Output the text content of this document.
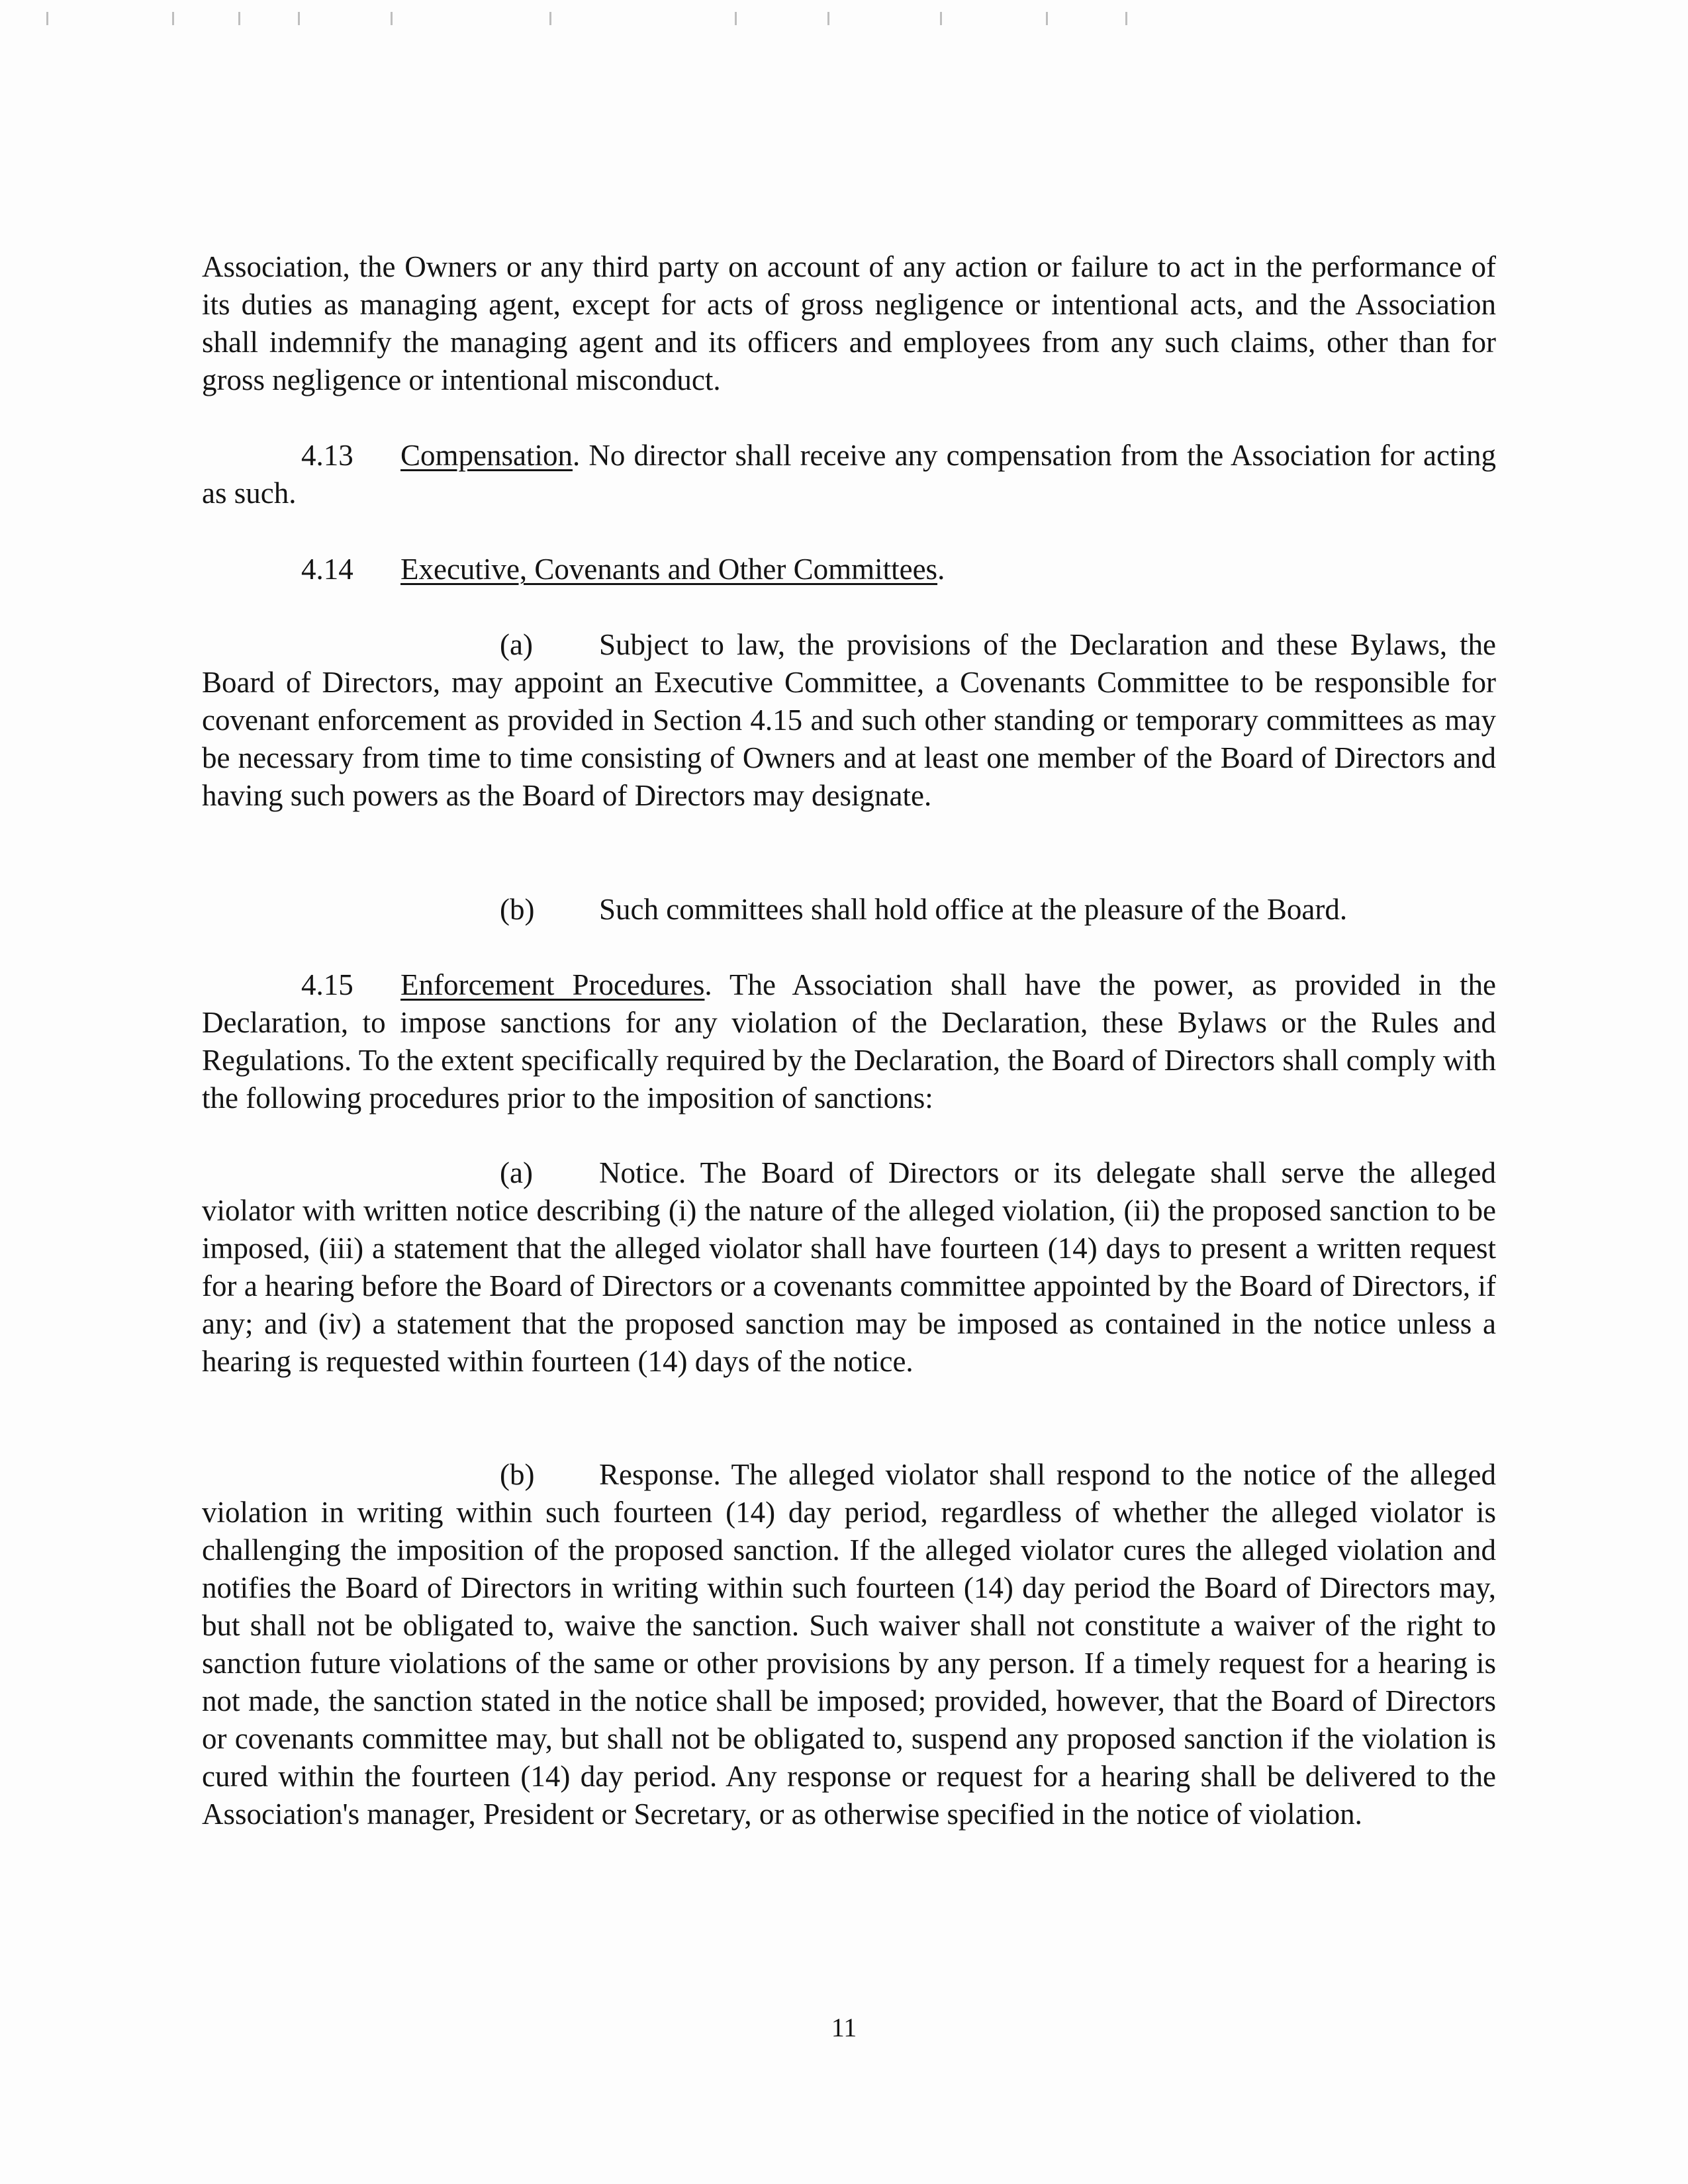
Association, the Owners or any third party on account of any action or failure to act in the performance of its duties as managing agent, except for acts of gross negligence or intentional acts, and the Association shall indemnify the managing agent and its officers and employees from any such claims, other than for gross negligence or intentional misconduct.

4.13 Compensation. No director shall receive any compensation from the Association for acting as such.

4.14 Executive, Covenants and Other Committees.

(a) Subject to law, the provisions of the Declaration and these Bylaws, the Board of Directors, may appoint an Executive Committee, a Covenants Committee to be responsible for covenant enforcement as provided in Section 4.15 and such other standing or temporary committees as may be necessary from time to time consisting of Owners and at least one member of the Board of Directors and having such powers as the Board of Directors may designate.

(b) Such committees shall hold office at the pleasure of the Board.

4.15 Enforcement Procedures. The Association shall have the power, as provided in the Declaration, to impose sanctions for any violation of the Declaration, these Bylaws or the Rules and Regulations. To the extent specifically required by the Declaration, the Board of Directors shall comply with the following procedures prior to the imposition of sanctions:

(a) Notice. The Board of Directors or its delegate shall serve the alleged violator with written notice describing (i) the nature of the alleged violation, (ii) the proposed sanction to be imposed, (iii) a statement that the alleged violator shall have fourteen (14) days to present a written request for a hearing before the Board of Directors or a covenants committee appointed by the Board of Directors, if any; and (iv) a statement that the proposed sanction may be imposed as contained in the notice unless a hearing is requested within fourteen (14) days of the notice.

(b) Response. The alleged violator shall respond to the notice of the alleged violation in writing within such fourteen (14) day period, regardless of whether the alleged violator is challenging the imposition of the proposed sanction. If the alleged violator cures the alleged violation and notifies the Board of Directors in writing within such fourteen (14) day period the Board of Directors may, but shall not be obligated to, waive the sanction. Such waiver shall not constitute a waiver of the right to sanction future violations of the same or other provisions by any person. If a timely request for a hearing is not made, the sanction stated in the notice shall be imposed; provided, however, that the Board of Directors or covenants committee may, but shall not be obligated to, suspend any proposed sanction if the violation is cured within the fourteen (14) day period. Any response or request for a hearing shall be delivered to the Association's manager, President or Secretary, or as otherwise specified in the notice of violation.

11
